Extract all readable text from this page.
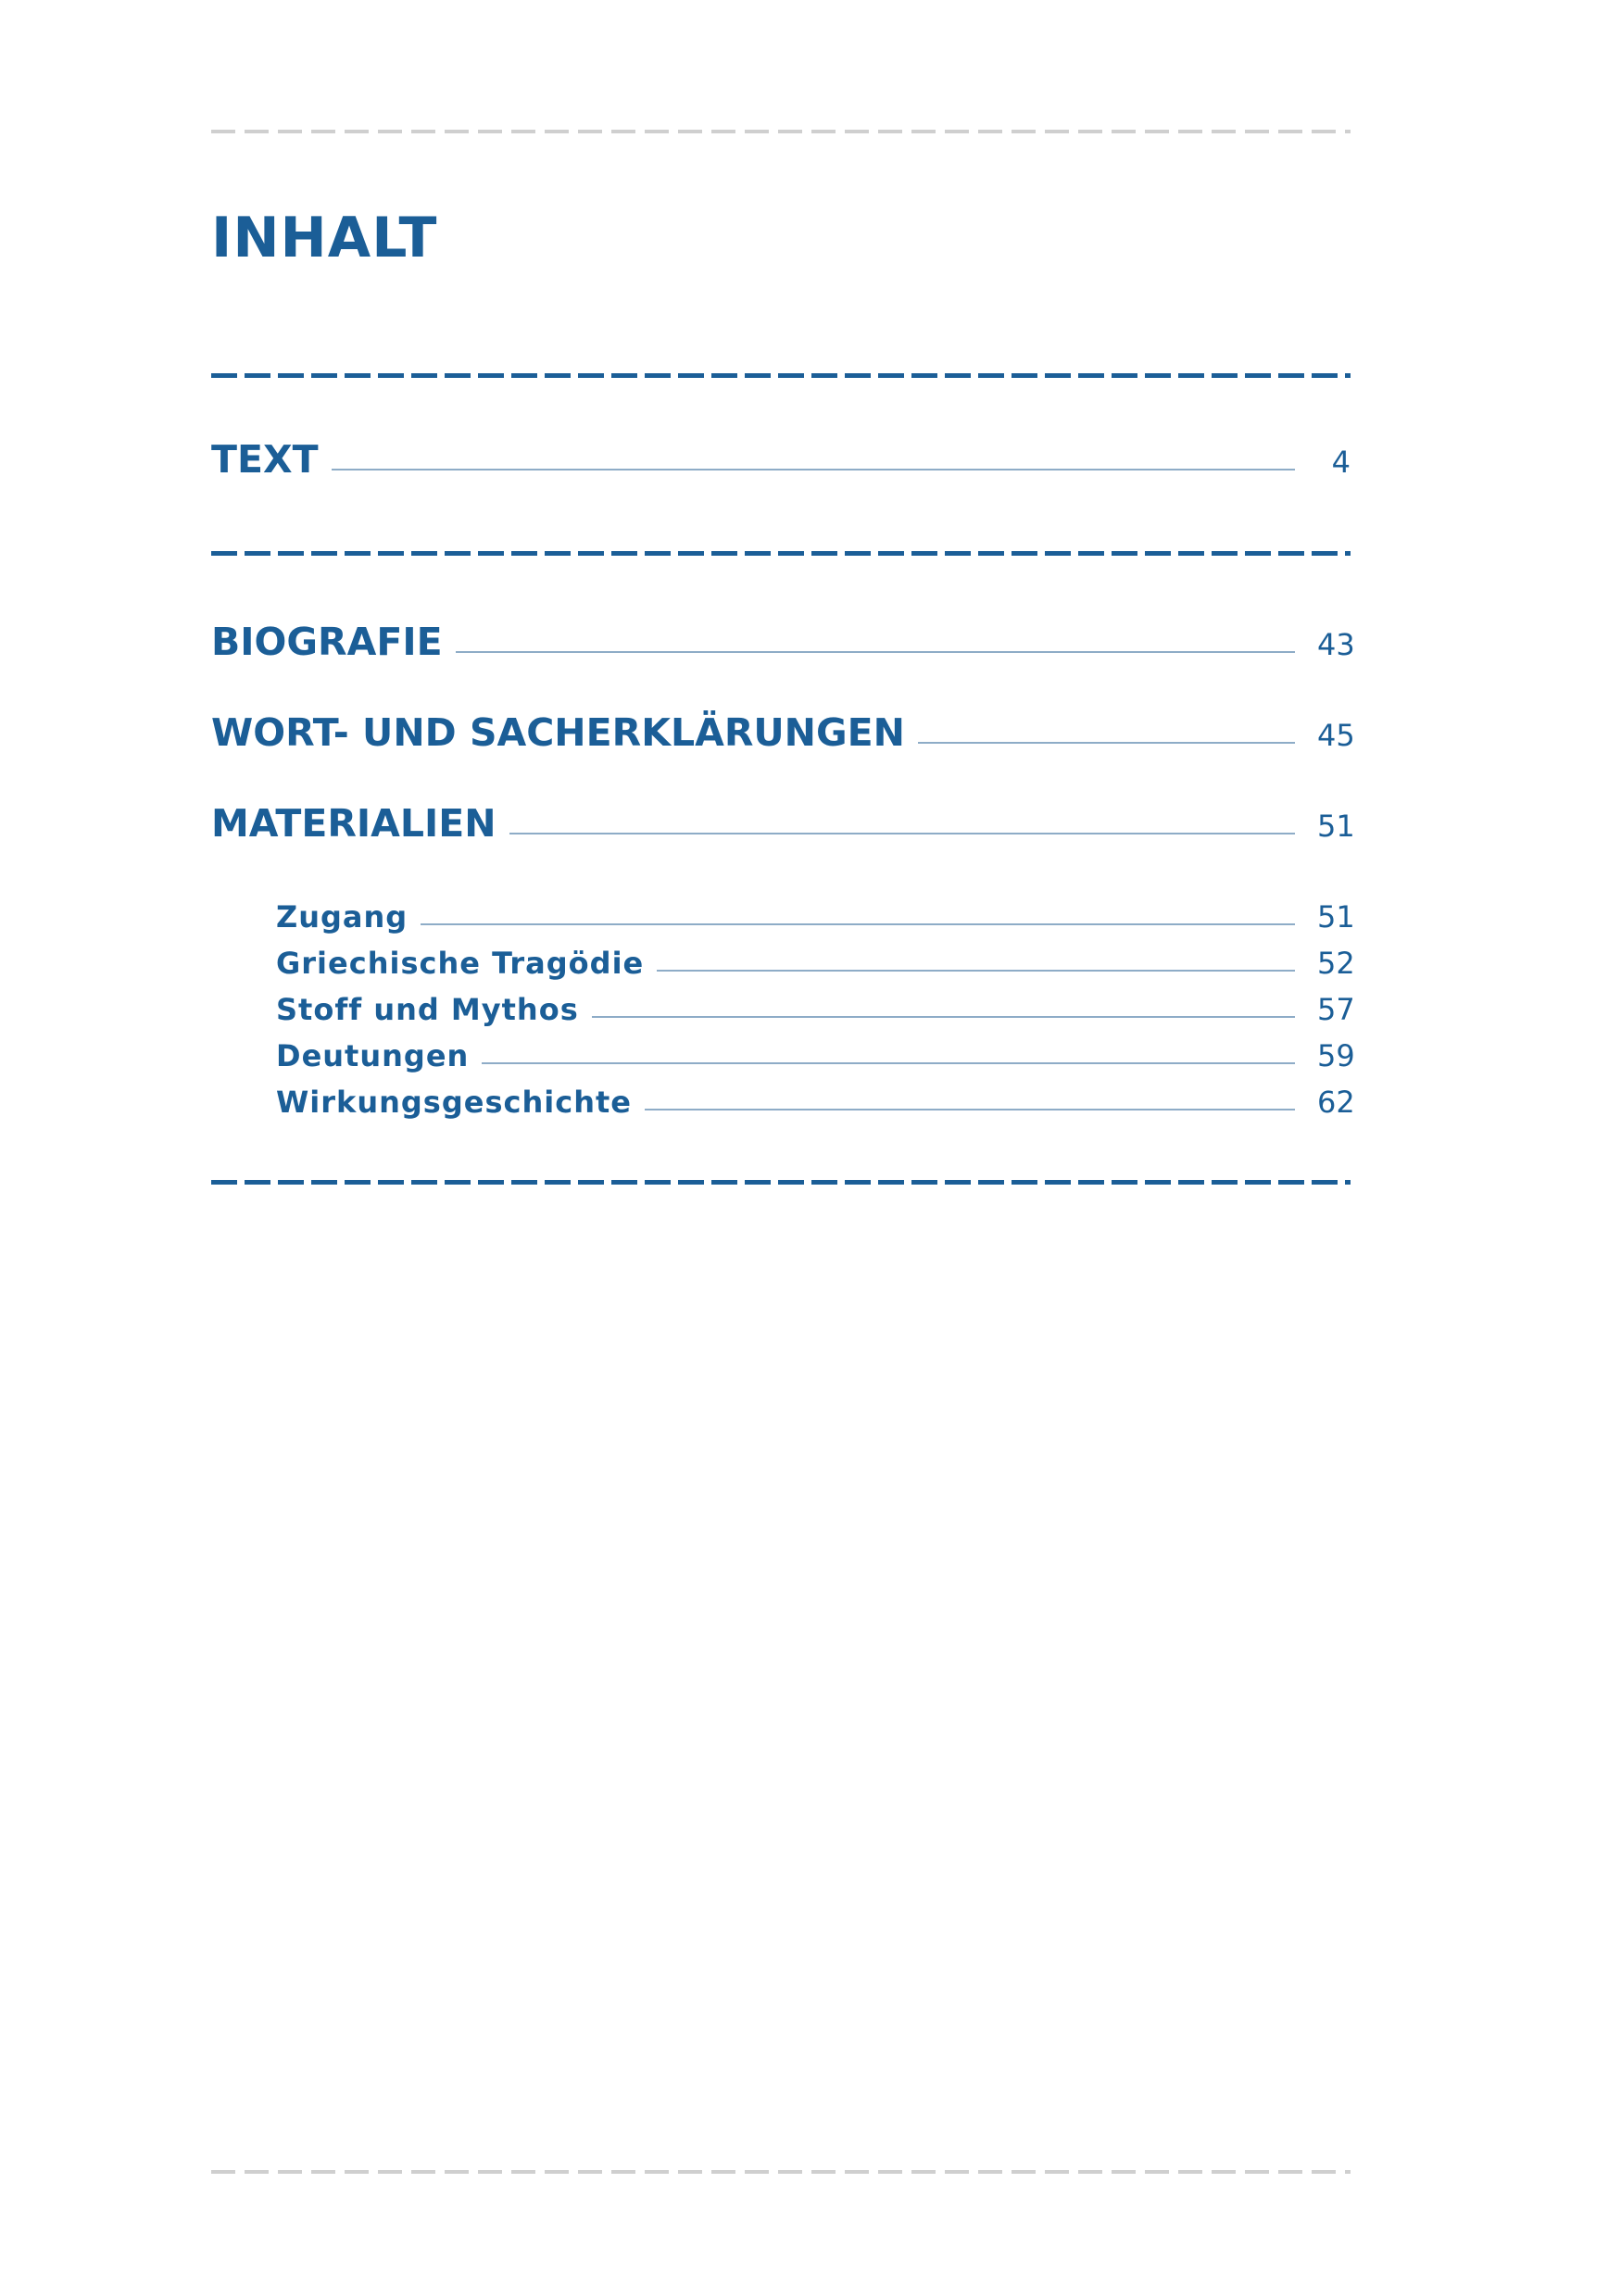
INHALT
TEXT	4
BIOGRAFIE	43
WORT- UND SACHERKLÄRUNGEN	45
MATERIALIEN	51
Zugang	51
Griechische Tragödie	52
Stoff und Mythos	57
Deutungen	59
Wirkungsgeschichte	62
